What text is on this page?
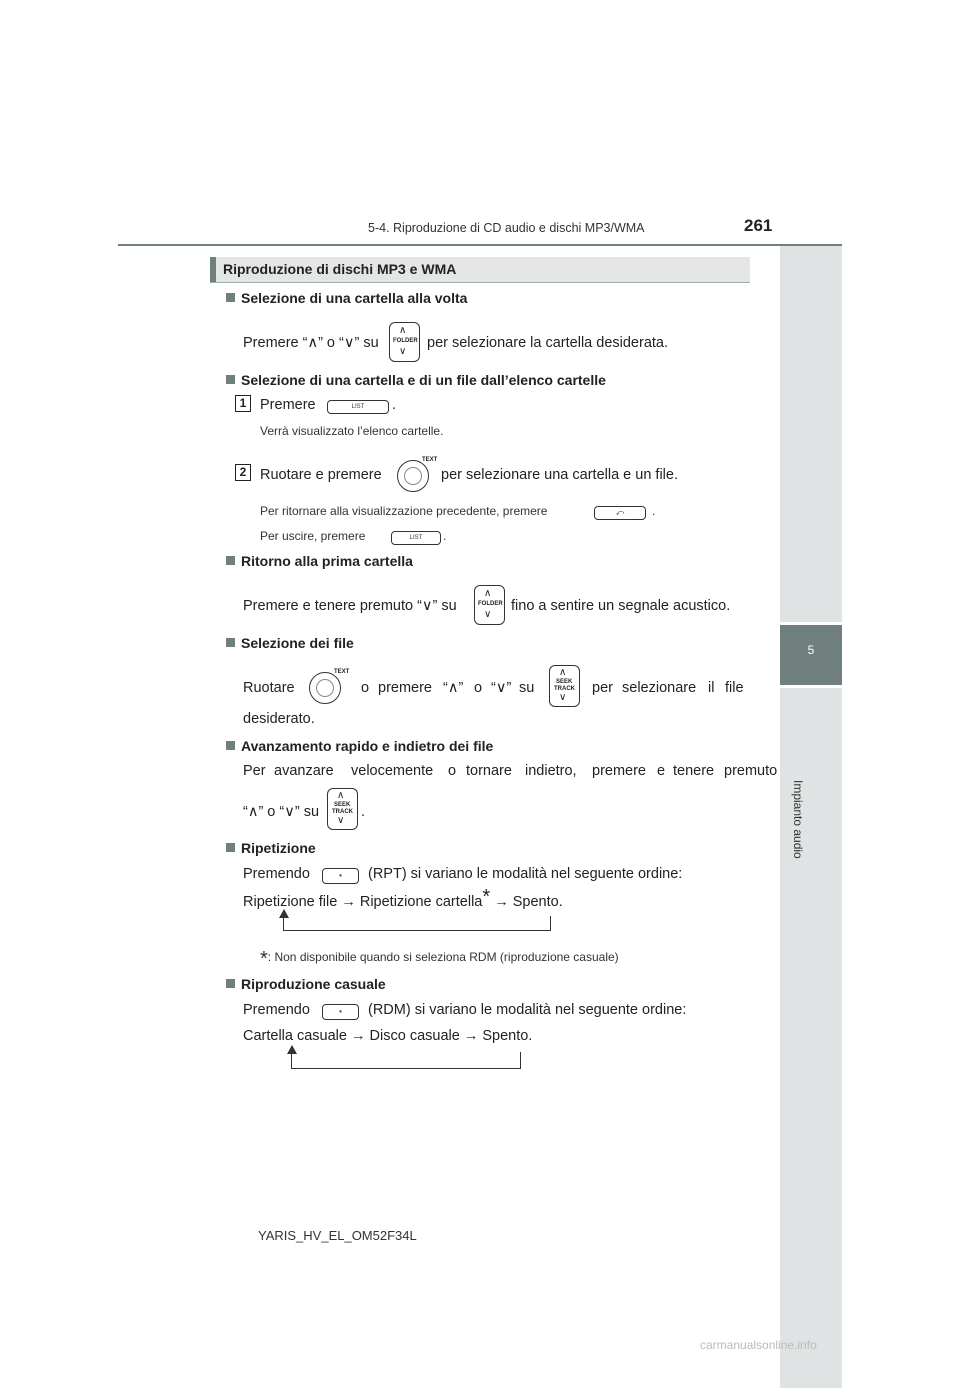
5-4. Riproduzione di CD audio e dischi MP3/WMA	261
5
Impianto audio
Riproduzione di dischi MP3 e WMA
Selezione di una cartella alla volta
Premere “∧” o “∨” su
∧
FOLDER
∨
per selezionare la cartella desiderata.
Selezione di una cartella e di un file dall’elenco cartelle
1 Premere	LIST	.
Verrà visualizzato l’elenco cartelle.
2 Ruotare e premere
TEXT
per selezionare una cartella e un file.
Per ritornare alla visualizzazione precedente, premere	⤺	.
Per uscire, premere	LIST	.
Ritorno alla prima cartella
Premere e tenere premuto “∨” su
∧
FOLDER
∨
fino a sentire un segnale acustico.
Selezione dei file
Ruotare
TEXT
o premere “∧” o “∨” su
∧
SEEK
TRACK
∨
per selezionare il file
desiderato.
Avanzamento rapido e indietro dei file
Per avanzare velocemente o tornare indietro, premere e tenere premuto
“∧” o “∨” su
∧
SEEK
TRACK
∨
.
Ripetizione
Premendo	•	(RPT) si variano le modalità nel seguente ordine:
Ripetizione file → Ripetizione cartella* → Spento.
*: Non disponibile quando si seleziona RDM (riproduzione casuale)
Riproduzione casuale
Premendo	•	(RDM) si variano le modalità nel seguente ordine:
Cartella casuale → Disco casuale → Spento.
YARIS_HV_EL_OM52F34L
carmanualsonline.info
